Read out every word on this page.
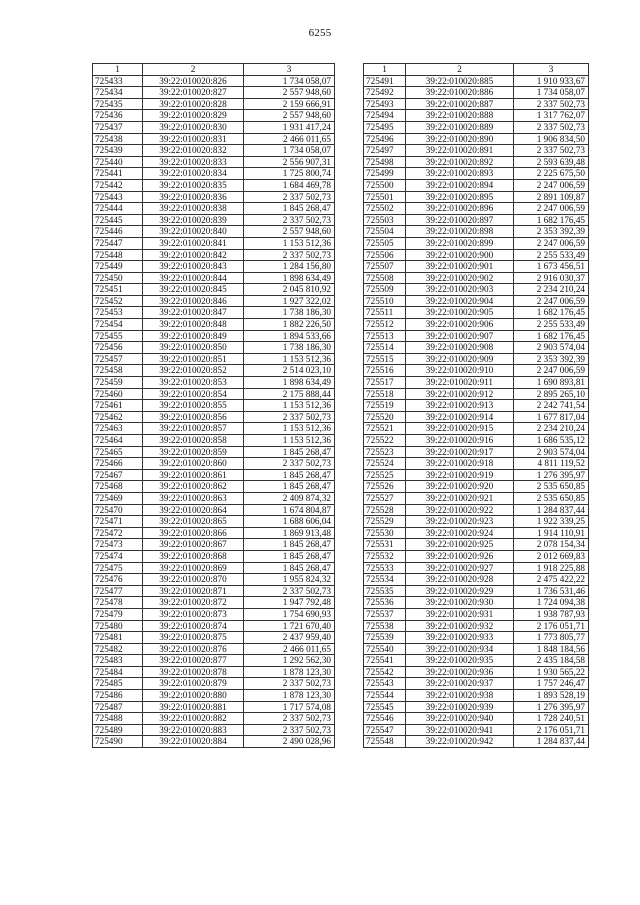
6255
1	2	3
725433	39:22:010020:826	1 734 058,07
725434	39:22:010020:827	2 557 948,60
725435	39:22:010020:828	2 159 666,91
725436	39:22:010020:829	2 557 948,60
725437	39:22:010020:830	1 931 417,24
725438	39:22:010020:831	2 466 011,65
725439	39:22:010020:832	1 734 058,07
725440	39:22:010020:833	2 556 907,31
725441	39:22:010020:834	1 725 800,74
725442	39:22:010020:835	1 684 469,78
725443	39:22:010020:836	2 337 502,73
725444	39:22:010020:838	1 845 268,47
725445	39:22:010020:839	2 337 502,73
725446	39:22:010020:840	2 557 948,60
725447	39:22:010020:841	1 153 512,36
725448	39:22:010020:842	2 337 502,73
725449	39:22:010020:843	1 284 156,80
725450	39:22:010020:844	1 898 634,49
725451	39:22:010020:845	2 045 810,92
725452	39:22:010020:846	1 927 322,02
725453	39:22:010020:847	1 738 186,30
725454	39:22:010020:848	1 882 226,50
725455	39:22:010020:849	1 894 533,66
725456	39:22:010020:850	1 738 186,30
725457	39:22:010020:851	1 153 512,36
725458	39:22:010020:852	2 514 023,10
725459	39:22:010020:853	1 898 634,49
725460	39:22:010020:854	2 175 888,44
725461	39:22:010020:855	1 153 512,36
725462	39:22:010020:856	2 337 502,73
725463	39:22:010020:857	1 153 512,36
725464	39:22:010020:858	1 153 512,36
725465	39:22:010020:859	1 845 268,47
725466	39:22:010020:860	2 337 502,73
725467	39:22:010020:861	1 845 268,47
725468	39:22:010020:862	1 845 268,47
725469	39:22:010020:863	2 409 874,32
725470	39:22:010020:864	1 674 804,87
725471	39:22:010020:865	1 688 606,04
725472	39:22:010020:866	1 869 913,48
725473	39:22:010020:867	1 845 268,47
725474	39:22:010020:868	1 845 268,47
725475	39:22:010020:869	1 845 268,47
725476	39:22:010020:870	1 955 824,32
725477	39:22:010020:871	2 337 502,73
725478	39:22:010020:872	1 947 792,48
725479	39:22:010020:873	1 754 690,93
725480	39:22:010020:874	1 721 670,40
725481	39:22:010020:875	2 437 959,40
725482	39:22:010020:876	2 466 011,65
725483	39:22:010020:877	1 292 562,30
725484	39:22:010020:878	1 878 123,30
725485	39:22:010020:879	2 337 502,73
725486	39:22:010020:880	1 878 123,30
725487	39:22:010020:881	1 717 574,08
725488	39:22:010020:882	2 337 502,73
725489	39:22:010020:883	2 337 502,73
725490	39:22:010020:884	2 490 028,96
1	2	3
725491	39:22:010020:885	1 910 933,67
725492	39:22:010020:886	1 734 058,07
725493	39:22:010020:887	2 337 502,73
725494	39:22:010020:888	1 317 762,07
725495	39:22:010020:889	2 337 502,73
725496	39:22:010020:890	1 906 834,50
725497	39:22:010020:891	2 337 502,73
725498	39:22:010020:892	2 593 639,48
725499	39:22:010020:893	2 225 675,50
725500	39:22:010020:894	2 247 006,59
725501	39:22:010020:895	2 891 109,87
725502	39:22:010020:896	2 247 006,59
725503	39:22:010020:897	1 682 176,45
725504	39:22:010020:898	2 353 392,39
725505	39:22:010020:899	2 247 006,59
725506	39:22:010020:900	2 255 533,49
725507	39:22:010020:901	1 673 456,51
725508	39:22:010020:902	2 916 030,37
725509	39:22:010020:903	2 234 210,24
725510	39:22:010020:904	2 247 006,59
725511	39:22:010020:905	1 682 176,45
725512	39:22:010020:906	2 255 533,49
725513	39:22:010020:907	1 682 176,45
725514	39:22:010020:908	2 903 574,04
725515	39:22:010020:909	2 353 392,39
725516	39:22:010020:910	2 247 006,59
725517	39:22:010020:911	1 690 893,81
725518	39:22:010020:912	2 895 265,10
725519	39:22:010020:913	2 242 741,54
725520	39:22:010020:914	1 677 817,04
725521	39:22:010020:915	2 234 210,24
725522	39:22:010020:916	1 686 535,12
725523	39:22:010020:917	2 903 574,04
725524	39:22:010020:918	4 811 119,52
725525	39:22:010020:919	1 276 395,97
725526	39:22:010020:920	2 535 650,85
725527	39:22:010020:921	2 535 650,85
725528	39:22:010020:922	1 284 837,44
725529	39:22:010020:923	1 922 339,25
725530	39:22:010020:924	1 914 110,91
725531	39:22:010020:925	2 078 154,34
725532	39:22:010020:926	2 012 669,83
725533	39:22:010020:927	1 918 225,88
725534	39:22:010020:928	2 475 422,22
725535	39:22:010020:929	1 736 531,46
725536	39:22:010020:930	1 724 094,38
725537	39:22:010020:931	1 938 787,93
725538	39:22:010020:932	2 176 051,71
725539	39:22:010020:933	1 773 805,77
725540	39:22:010020:934	1 848 184,56
725541	39:22:010020:935	2 435 184,58
725542	39:22:010020:936	1 930 565,22
725543	39:22:010020:937	1 757 246,47
725544	39:22:010020:938	1 893 528,19
725545	39:22:010020:939	1 276 395,97
725546	39:22:010020:940	1 728 240,51
725547	39:22:010020:941	2 176 051,71
725548	39:22:010020:942	1 284 837,44
